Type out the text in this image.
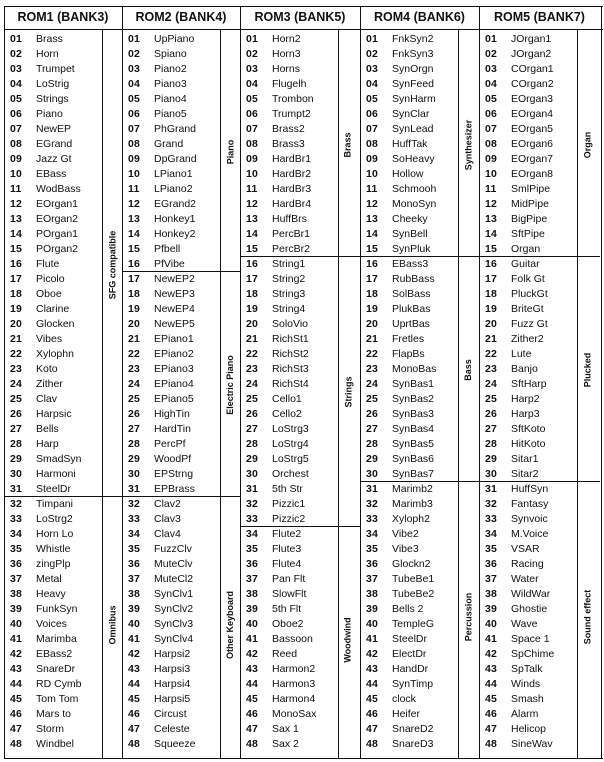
ROM1 (BANK3)
01 Brass
02 Horn
03 Trumpet
04 LoStrig
05 Strings
06 Piano
07 NewEP
08 EGrand
09 Jazz Gt
10 EBass
11 WodBass
12 EOrgan1
13 EOrgan2
14 POrgan1
15 POrgan2
16 Flute
17 Picolo
18 Oboe
19 Clarine
20 Glocken
21 Vibes
22 Xylophn
23 Koto
24 Zither
25 Clav
26 Harpsic
27 Bells
28 Harp
29 SmadSyn
30 Harmoni
31 SteelDr
32 Timpani
33 LoStrg2
34 Horn Lo
35 Whistle
36 zingPlp
37 Metal
38 Heavy
39 FunkSyn
40 Voices
41 Marimba
42 EBass2
43 SnareDr
44 RD Cymb
45 Tom Tom
46 Mars to
47 Storm
48 Windbel
SFG compatible
Omnibus
ROM2 (BANK4)
01 UpPiano
02 Spiano
03 Piano2
04 Piano3
05 Piano4
06 Piano5
07 PhGrand
08 Grand
09 DpGrand
10 LPiano1
11 LPiano2
12 EGrand2
13 Honkey1
14 Honkey2
15 Pfbell
16 PfVibe
17 NewEP2
18 NewEP3
19 NewEP4
20 NewEP5
21 EPiano1
22 EPiano2
23 EPiano3
24 EPiano4
25 EPiano5
26 HighTin
27 HardTin
28 PercPf
29 WoodPf
30 EPStrng
31 EPBrass
32 Clav2
33 Clav3
34 Clav4
35 FuzzClv
36 MuteClv
37 MuteCl2
38 SynClv1
39 SynClv2
40 SynClv3
41 SynClv4
42 Harpsi2
43 Harpsi3
44 Harpsi4
45 Harpsi5
46 Circust
47 Celeste
48 Squeeze
Piano
Electric Piano
Other Keyboard
ROM3 (BANK5)
01 Horn2
02 Horn3
03 Horns
04 Flugelh
05 Trombon
06 Trumpt2
07 Brass2
08 Brass3
09 HardBr1
10 HardBr2
11 HardBr3
12 HardBr4
13 HuffBrs
14 PercBr1
15 PercBr2
16 String1
17 String2
18 String3
19 String4
20 SoloVio
21 RichSt1
22 RichSt2
23 RichSt3
24 RichSt4
25 Cello1
26 Cello2
27 LoStrg3
28 LoStrg4
29 LoStrg5
30 Orchest
31 5th Str
32 Pizzic1
33 Pizzic2
34 Flute2
35 Flute3
36 Flute4
37 Pan Flt
38 SlowFlt
39 5th Flt
40 Oboe2
41 Bassoon
42 Reed
43 Harmon2
44 Harmon3
45 Harmon4
46 MonoSax
47 Sax 1
48 Sax 2
Brass
Strings
Woodwind
ROM4 (BANK6)
01 FnkSyn2
02 FnkSyn3
03 SynOrgn
04 SynFeed
05 SynHarm
06 SynClar
07 SynLead
08 HuffTak
09 SoHeavy
10 Hollow
11 Schmooh
12 MonoSyn
13 Cheeky
14 SynBell
15 SynPluk
16 EBass3
17 RubBass
18 SolBass
19 PlukBas
20 UprtBas
21 Fretles
22 FlapBs
23 MonoBas
24 SynBas1
25 SynBas2
26 SynBas3
27 SynBas4
28 SynBas5
29 SynBas6
30 SynBas7
31 Marimb2
32 Marimb3
33 Xyloph2
34 Vibe2
35 Vibe3
36 Glockn2
37 TubeBe1
38 TubeBe2
39 Bells 2
40 TempleG
41 SteelDr
42 ElectDr
43 HandDr
44 SynTimp
45 clock
46 Heifer
47 SnareD2
48 SnareD3
Synthesizer
Bass
Percussion
ROM5 (BANK7)
01 JOrgan1
02 JOrgan2
03 COrgan1
04 COrgan2
05 EOrgan3
06 EOrgan4
07 EOrgan5
08 EOrgan6
09 EOrgan7
10 EOrgan8
11 SmlPipe
12 MidPipe
13 BigPipe
14 SftPipe
15 Organ
16 Guitar
17 Folk Gt
18 PluckGt
19 BriteGt
20 Fuzz Gt
21 Zither2
22 Lute
23 Banjo
24 SftHarp
25 Harp2
26 Harp3
27 SftKoto
28 HitKoto
29 Sitar1
30 Sitar2
31 HuffSyn
32 Fantasy
33 Synvoic
34 M.Voice
35 VSAR
36 Racing
37 Water
38 WildWar
39 Ghostie
40 Wave
41 Space 1
42 SpChime
43 SpTalk
44 Winds
45 Smash
46 Alarm
47 Helicop
48 SineWav
Organ
Plucked
Sound effect
